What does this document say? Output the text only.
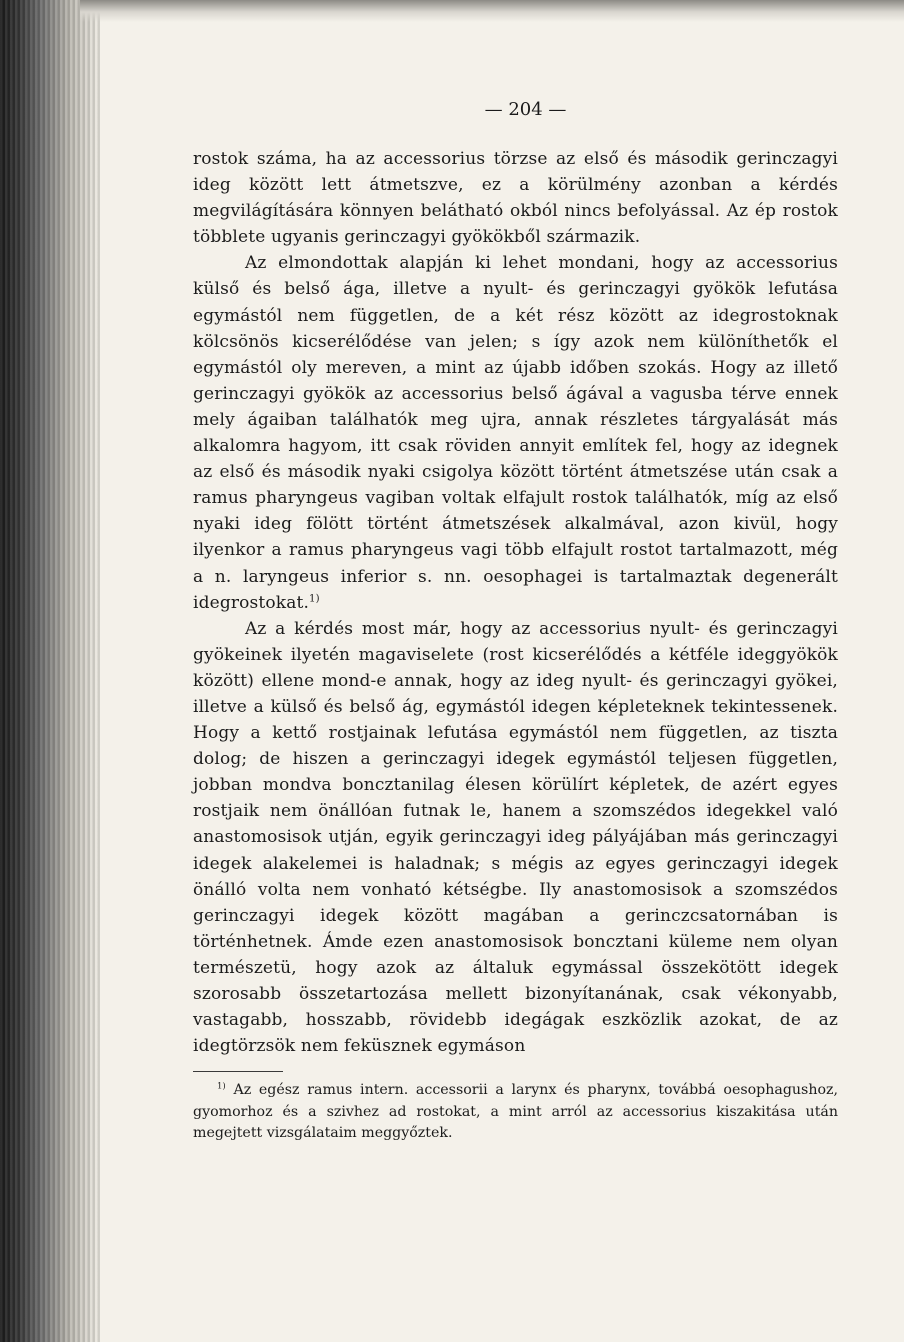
— 204 —

rostok száma, ha az accessorius törzse az első és második gerinczagyi ideg között lett átmetszve, ez a körülmény azonban a kérdés megvilágítására könnyen belátható okból nincs befolyással. Az ép rostok többlete ugyanis gerinczagyi gyökökből származik.

Az elmondottak alapján ki lehet mondani, hogy az accessorius külső és belső ága, illetve a nyult- és gerinczagyi gyökök lefutása egymástól nem független, de a két rész között az idegrostoknak kölcsönös kicserélődése van jelen; s így azok nem különíthetők el egymástól oly mereven, a mint az újabb időben szokás. Hogy az illető gerinczagyi gyökök az accessorius belső ágával a vagusba térve ennek mely ágaiban találhatók meg ujra, annak részletes tárgyalását más alkalomra hagyom, itt csak röviden annyit említek fel, hogy az idegnek az első és második nyaki csigolya között történt átmetszése után csak a ramus pharyngeus vagiban voltak elfajult rostok találhatók, míg az első nyaki ideg fölött történt átmetszések alkalmával, azon kivül, hogy ilyenkor a ramus pharyngeus vagi több elfajult rostot tartalmazott, még a n. laryngeus inferior s. nn. oesophagei is tartalmaztak degenerált idegrostokat.$^{1)}$

Az a kérdés most már, hogy az accessorius nyult- és gerinczagyi gyökeinek ilyetén magaviselete (rost kicserélődés a kétféle ideggyökök között) ellene mond-e annak, hogy az ideg nyult- és gerinczagyi gyökei, illetve a külső és belső ág, egymástól idegen képleteknek tekintessenek. Hogy a kettő rostjainak lefutása egymástól nem független, az tiszta dolog; de hiszen a gerinczagyi idegek egymástól teljesen független, jobban mondva boncztanilag élesen körülírt képletek, de azért egyes rostjaik nem önállóan futnak le, hanem a szomszédos idegekkel való anastomosisok utján, egyik gerinczagyi ideg pályájában más gerinczagyi idegek alakelemei is haladnak; s mégis az egyes gerinczagyi idegek önálló volta nem vonható kétségbe. Ily anastomosisok a szomszédos gerinczagyi idegek között magában a gerinczcsatornában is történhetnek. Ámde ezen anastomosisok boncztani küleme nem olyan természetü, hogy azok az általuk egymással összekötött idegek szorosabb összetartozása mellett bizonyítanának, csak vékonyabb, vastagabb, hosszabb, rövidebb idegágak eszközlik azokat, de az idegtörzsök nem feküsznek egymáson

$^{1)}$ Az egész ramus intern. accessorii a larynx és pharynx, továbbá oesophagushoz, gyomorhoz és a szivhez ad rostokat, a mint arról az accessorius kiszakitása után megejtett vizsgálataim meggyőztek.
